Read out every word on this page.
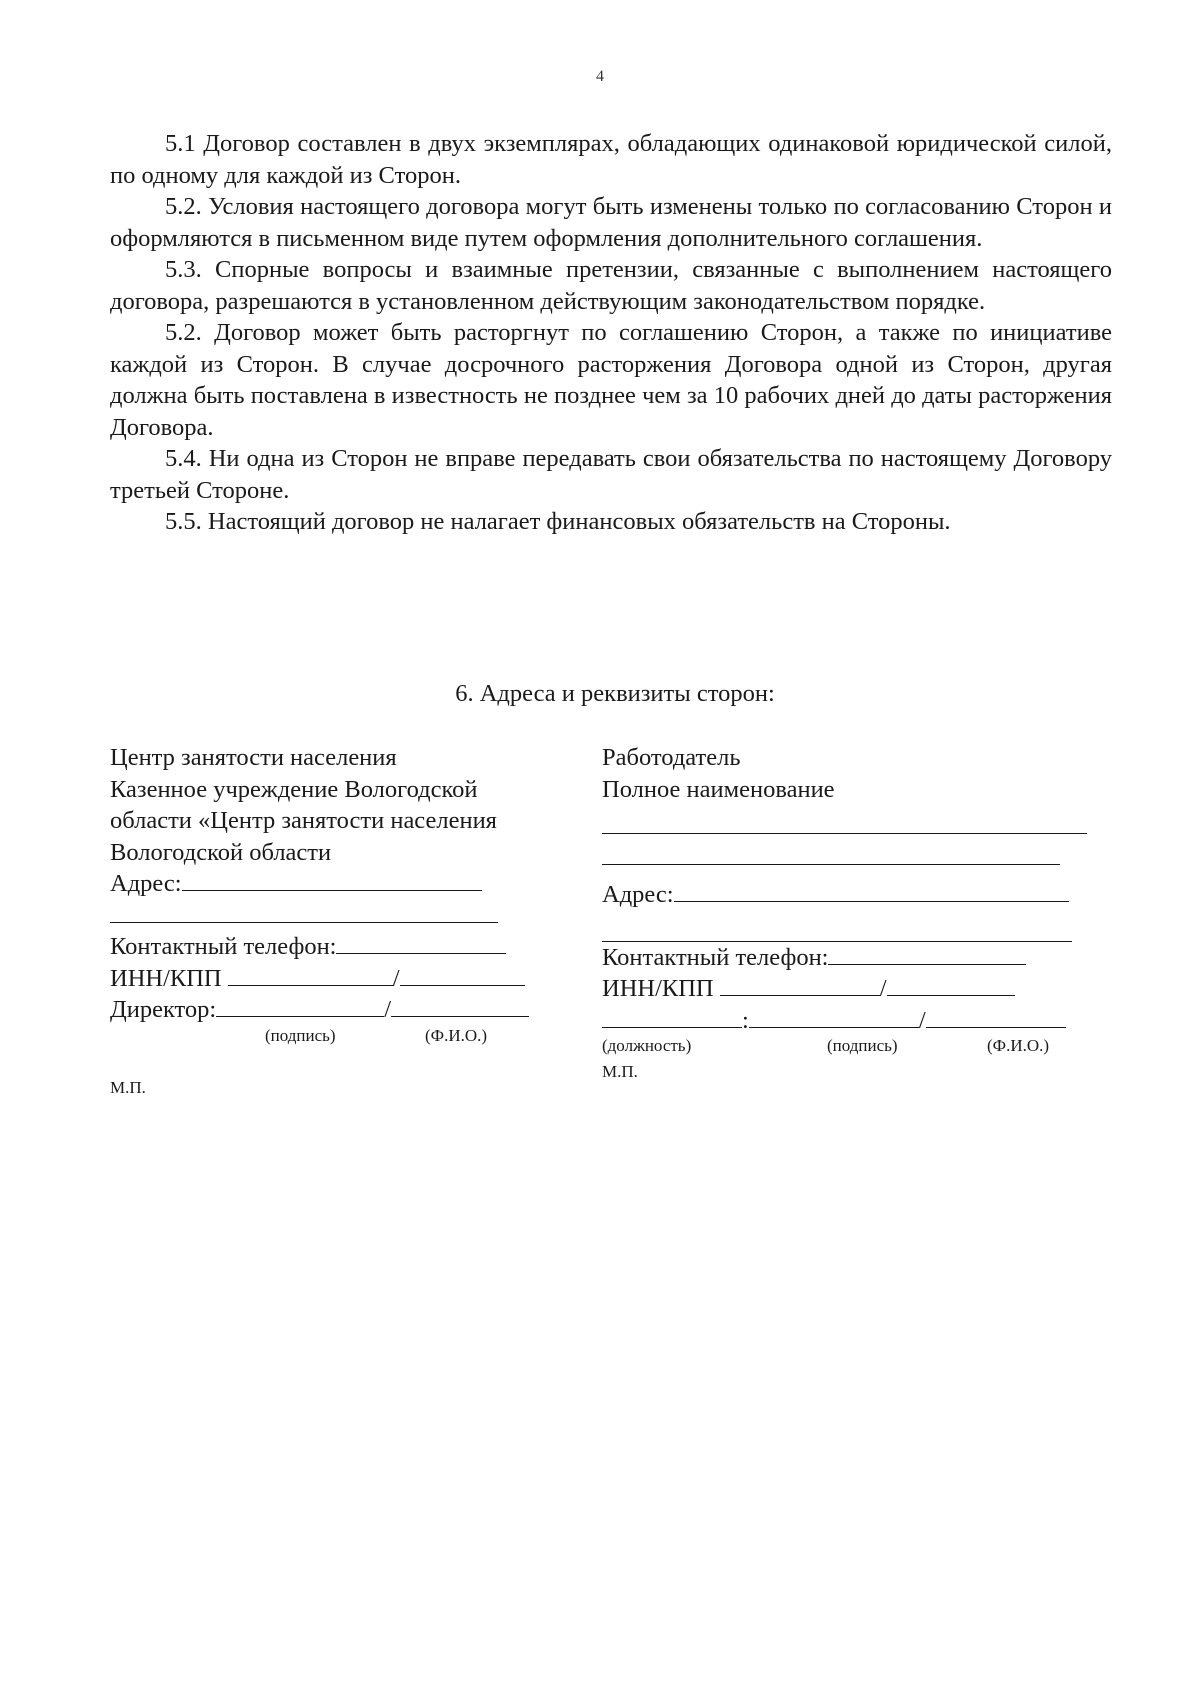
4

5.1 Договор составлен в двух экземплярах, обладающих одинаковой юридической силой, по одному для каждой из Сторон.

5.2. Условия настоящего договора могут быть изменены только по согласованию Сторон и оформляются в письменном виде путем оформления дополнительного соглашения.

5.3. Спорные вопросы и взаимные претензии, связанные с выполнением настоящего договора, разрешаются в установленном действующим законодательством порядке.

5.2. Договор может быть расторгнут по соглашению Сторон, а также по инициативе каждой из Сторон. В случае досрочного расторжения Договора одной из Сторон, другая должна быть поставлена в известность не позднее чем за 10 рабочих дней до даты расторжения Договора.

5.4. Ни одна из Сторон не вправе передавать свои обязательства по настоящему Договору третьей Стороне.

5.5. Настоящий договор не налагает финансовых обязательств на Стороны.

6. Адреса и реквизиты сторон:
Центр занятости населения
Казенное учреждение Вологодской
области «Центр занятости населения
Вологодской области
Адрес:
Контактный телефон:
ИНН/КПП	/
Директор:	/
(подпись)	(Ф.И.О.)
М.П.
Работодатель
Полное наименование
Адрес:
Контактный телефон:
ИНН/КПП	/
:	/
(должность)	(подпись)	(Ф.И.О.)
М.П.
